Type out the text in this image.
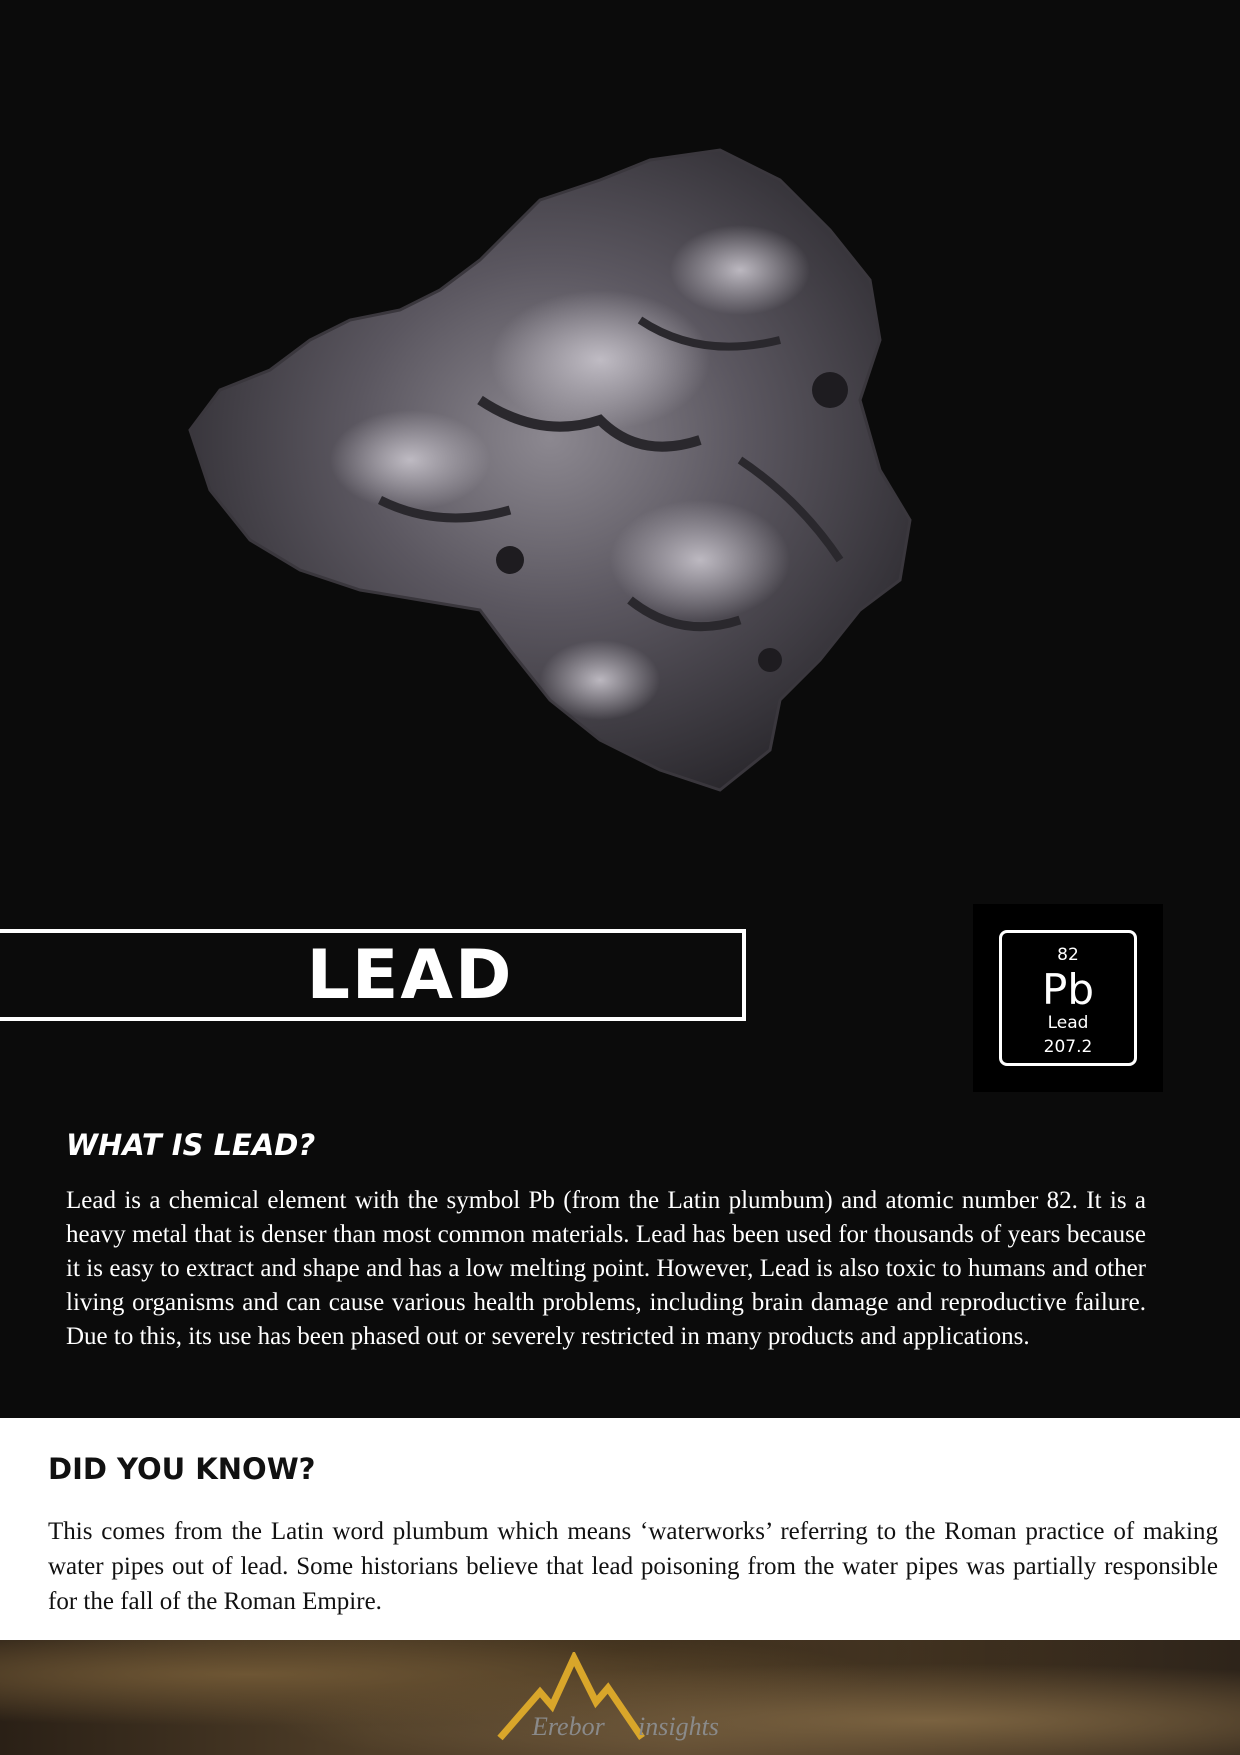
LEAD	82
Pb
Lead
207.2
WHAT IS LEAD?

Lead is a chemical element with the symbol Pb (from the Latin plumbum) and atomic number 82. It is a heavy metal that is denser than most common materials. Lead has been used for thousands of years because it is easy to extract and shape and has a low melting point. However, Lead is also toxic to humans and other living organisms and can cause various health problems, including brain damage and reproductive failure. Due to this, its use has been phased out or severely restricted in many products and applications.

DID YOU KNOW?

This comes from the Latin word plumbum which means ‘waterworks’ referring to the Roman practice of making water pipes out of lead. Some historians believe that lead poisoning from the water pipes was partially responsible for the fall of the Roman Empire.

Erebor insights
